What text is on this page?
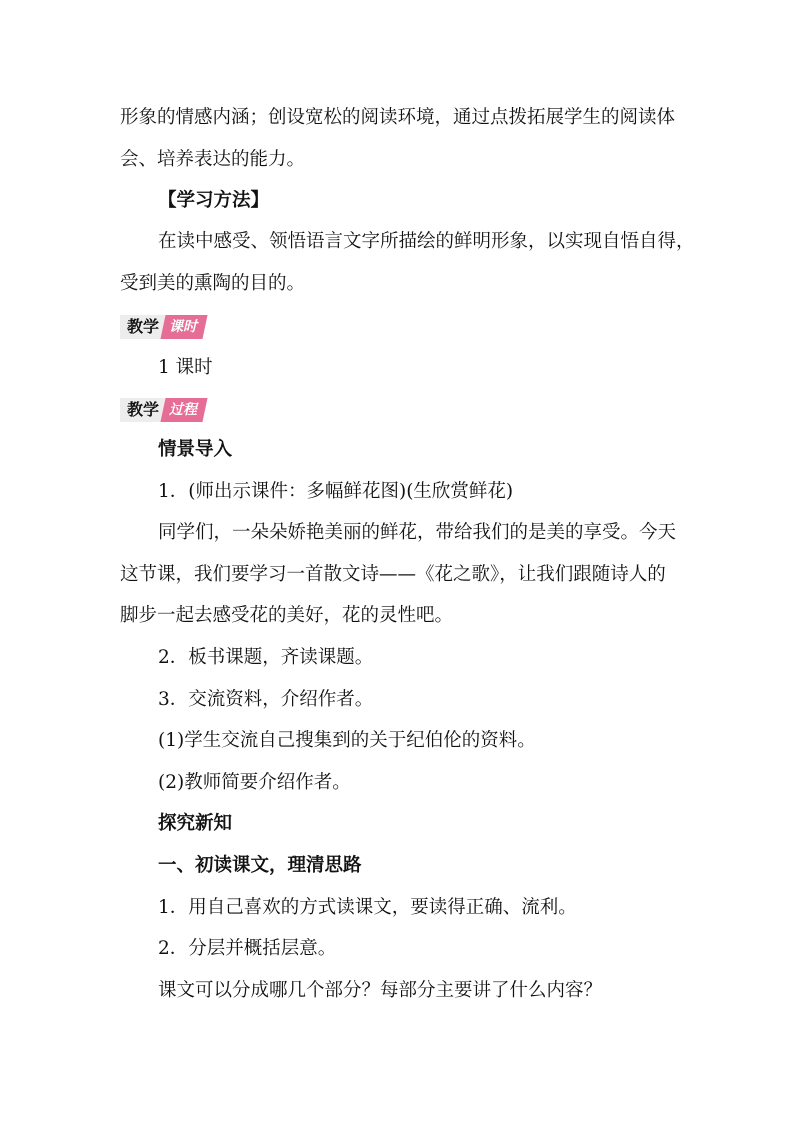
形象的情感内涵；创设宽松的阅读环境，通过点拨拓展学生的阅读体
会、培养表达的能力。
【学习方法】
在读中感受、领悟语言文字所描绘的鲜明形象，以实现自悟自得，
受到美的熏陶的目的。
教学 课时
1 课时
教学 过程
情景导入
1．(师出示课件：多幅鲜花图)(生欣赏鲜花)
同学们，一朵朵娇艳美丽的鲜花，带给我们的是美的享受。今天
这节课，我们要学习一首散文诗——《花之歌》，让我们跟随诗人的
脚步一起去感受花的美好，花的灵性吧。
2．板书课题，齐读课题。
3．交流资料，介绍作者。
(1)学生交流自己搜集到的关于纪伯伦的资料。
(2)教师简要介绍作者。
探究新知
一、初读课文，理清思路
1．用自己喜欢的方式读课文，要读得正确、流利。
2．分层并概括层意。
课文可以分成哪几个部分？每部分主要讲了什么内容？
